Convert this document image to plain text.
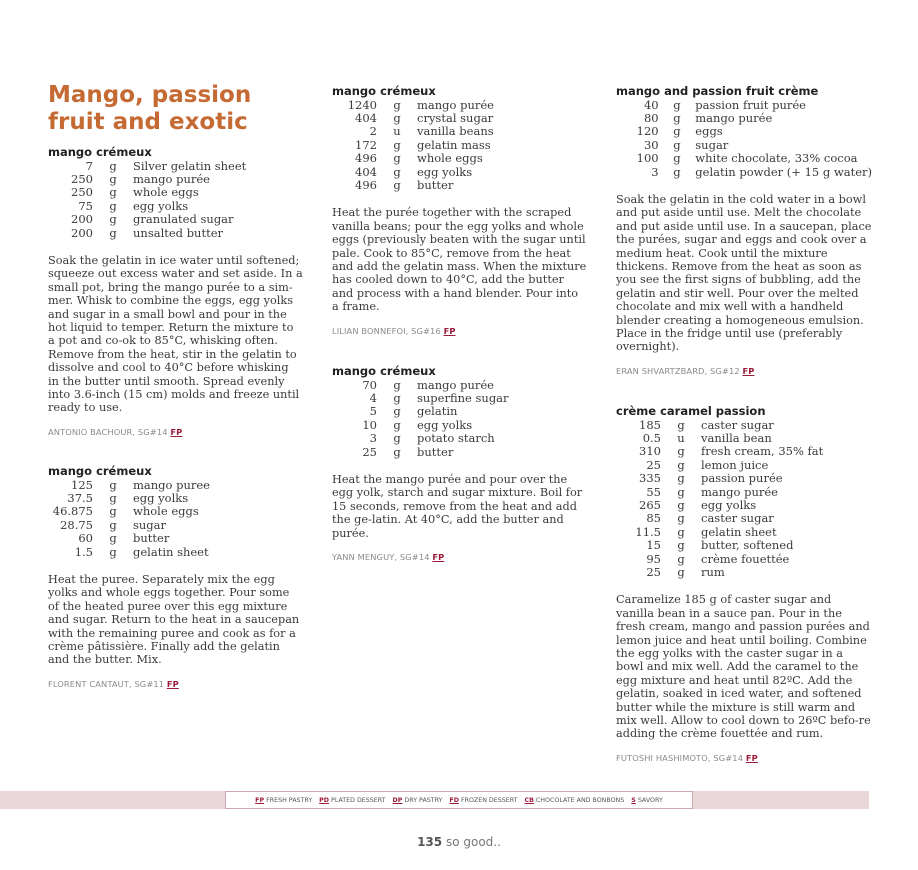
Mango, passion fruit and exotic
mango crémeux
7	g	Silver gelatin sheet
250	g	mango purée
250	g	whole eggs
75	g	egg yolks
200	g	granulated sugar
200	g	unsalted butter

Soak the gelatin in ice water until softened; squeeze out excess water and set aside. In a small pot, bring the mango purée to a sim-mer. Whisk to combine the eggs, egg yolks and sugar in a small bowl and pour in the hot liquid to temper. Return the mixture to a pot and co-ok to 85°C, whisking often. Remove from the heat, stir in the gelatin to dissolve and cool to 40°C before whisking in the butter until smooth. Spread evenly into 3.6-inch (15 cm) molds and freeze until ready to use.

ANTONIO BACHOUR, SG#14 FP
mango crémeux
125	g	mango puree
37.5	g	egg yolks
46.875	g	whole eggs
28.75	g	sugar
60	g	butter
1.5	g	gelatin sheet

Heat the puree. Separately mix the egg yolks and whole eggs together. Pour some of the heated puree over this egg mixture and sugar. Return to the heat in a saucepan with the remaining puree and cook as for a crème pâtissière. Finally add the gelatin and the butter. Mix.

FLORENT CANTAUT, SG#11 FP
mango crémeux
1240	g	mango purée
404	g	crystal sugar
2	u	vanilla beans
172	g	gelatin mass
496	g	whole eggs
404	g	egg yolks
496	g	butter

Heat the purée together with the scraped vanilla beans; pour the egg yolks and whole eggs (previously beaten with the sugar until pale. Cook to 85°C, remove from the heat and add the gelatin mass. When the mixture has cooled down to 40°C, add the butter and process with a hand blender. Pour into a frame.

LILIAN BONNEFOI, SG#16 FP
mango crémeux
70	g	mango purée
4	g	superfine sugar
5	g	gelatin
10	g	egg yolks
3	g	potato starch
25	g	butter

Heat the mango purée and pour over the egg yolk, starch and sugar mixture. Boil for 15 seconds, remove from the heat and add the ge-latin. At 40°C, add the butter and purée.

YANN MENGUY, SG#14 FP
mango and passion fruit crème
40	g	passion fruit purée
80	g	mango purée
120	g	eggs
30	g	sugar
100	g	white chocolate, 33% cocoa
3	g	gelatin powder (+ 15 g water)

Soak the gelatin in the cold water in a bowl and put aside until use. Melt the chocolate and put aside until use. In a saucepan, place the purées, sugar and eggs and cook over a medium heat. Cook until the mixture thickens. Remove from the heat as soon as you see the first signs of bubbling, add the gelatin and stir well. Pour over the melted chocolate and mix well with a handheld blender creating a homogeneous emulsion. Place in the fridge until use (preferably overnight).

ERAN SHVARTZBARD, SG#12 FP
crème caramel passion
185	g	caster sugar
0.5	u	vanilla bean
310	g	fresh cream, 35% fat
25	g	lemon juice
335	g	passion purée
55	g	mango purée
265	g	egg yolks
85	g	caster sugar
11.5	g	gelatin sheet
15	g	butter, softened
95	g	crème fouettée
25	g	rum

Caramelize 185 g of caster sugar and vanilla bean in a sauce pan. Pour in the fresh cream, mango and passion purées and lemon juice and heat until boiling. Combine the egg yolks with the caster sugar in a bowl and mix well. Add the caramel to the egg mixture and heat until 82ºC. Add the gelatin, soaked in iced water, and softened butter while the mixture is still warm and mix well. Allow to cool down to 26ºC befo-re adding the crème fouettée and rum.

FUTOSHI HASHIMOTO, SG#14 FP
FP FRESH PASTRY PD PLATED DESSERT DP DRY PASTRY FD FROZEN DESSERT CB CHOCOLATE AND BONBONS S SAVORY
135 so good..
